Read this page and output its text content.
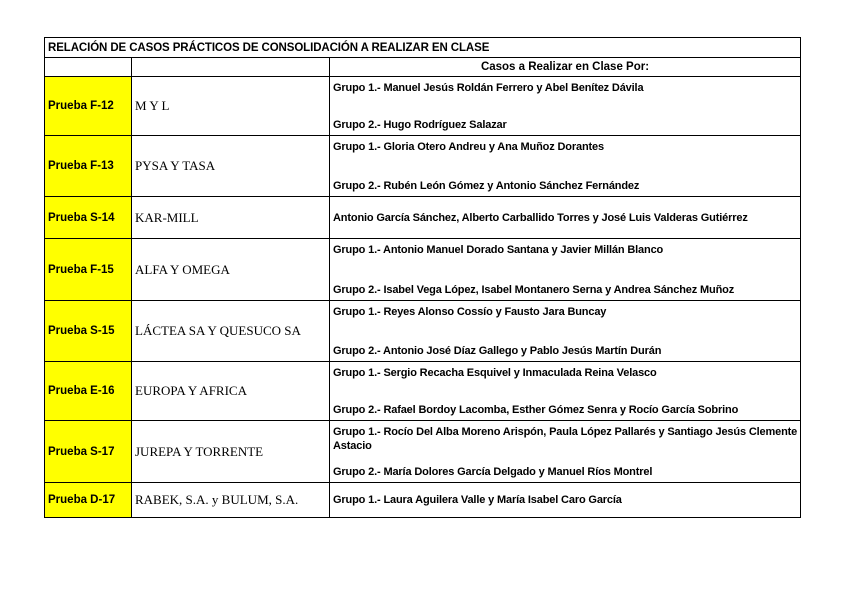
RELACIÓN DE CASOS PRÁCTICOS DE CONSOLIDACIÓN A REALIZAR EN CLASE		
		Casos a Realizar en Clase Por:
Prueba F-12	M Y L	Grupo 1.- Manuel Jesús Roldán Ferrero y Abel Benítez Dávila
Grupo 2.- Hugo Rodríguez Salazar

Prueba F-13	PYSA Y TASA	Grupo 1.- Gloria Otero Andreu y Ana Muñoz Dorantes
Grupo 2.- Rubén León Gómez y Antonio Sánchez Fernández

Prueba S-14	KAR-MILL	Antonio García Sánchez, Alberto Carballido Torres y José Luis Valderas Gutiérrez

Prueba F-15	ALFA Y OMEGA	Grupo 1.- Antonio Manuel Dorado Santana y Javier Millán Blanco
Grupo 2.- Isabel Vega López, Isabel Montanero Serna y Andrea Sánchez Muñoz

Prueba S-15	LÁCTEA SA Y QUESUCO SA	Grupo 1.- Reyes Alonso Cossío y Fausto Jara Buncay
Grupo 2.- Antonio José Díaz Gallego y Pablo Jesús Martín Durán

Prueba E-16	EUROPA Y AFRICA	Grupo 1.- Sergio Recacha Esquivel y Inmaculada Reina Velasco
Grupo 2.- Rafael Bordoy Lacomba, Esther Gómez Senra y Rocío García Sobrino

Prueba S-17	JUREPA Y TORRENTE	Grupo 1.- Rocío Del Alba Moreno Arispón, Paula López Pallarés y Santiago Jesús Clemente Astacio
Grupo 2.- María Dolores García Delgado y Manuel Ríos Montrel

Prueba D-17	RABEK, S.A. y BULUM, S.A.	Grupo 1.- Laura Aguilera Valle y María Isabel Caro García
